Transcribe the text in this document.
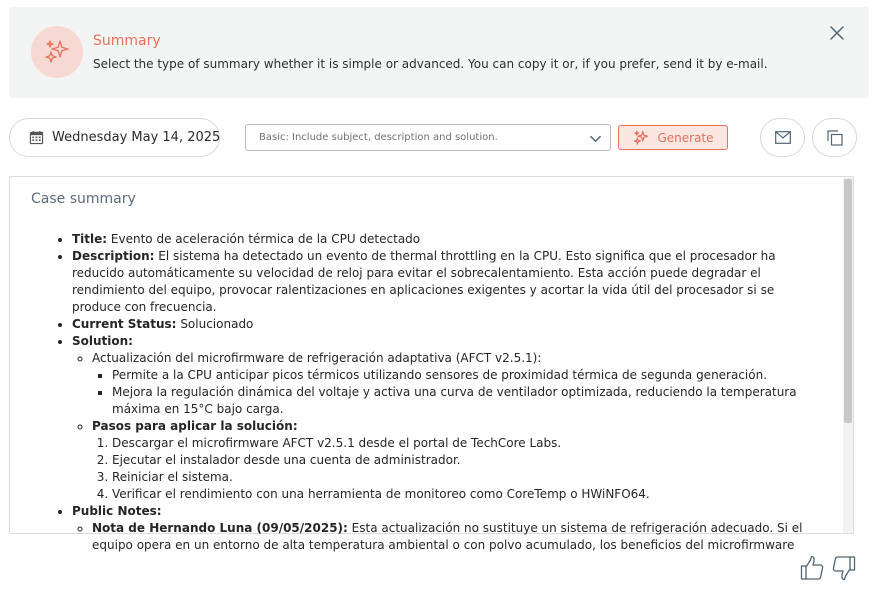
Summary
Select the type of summary whether it is simple or advanced. You can copy it or, if you prefer, send it by e-mail.
Wednesday May 14, 2025	Basic: Include subject, description and solution.	Generate
Case summary
• Title: Evento de aceleración térmica de la CPU detectado
• Description: El sistema ha detectado un evento de thermal throttling en la CPU. Esto significa que el procesador ha reducido automáticamente su velocidad de reloj para evitar el sobrecalentamiento. Esta acción puede degradar el rendimiento del equipo, provocar ralentizaciones en aplicaciones exigentes y acortar la vida útil del procesador si se produce con frecuencia.
• Current Status: Solucionado
• Solution:
◦ Actualización del microfirmware de refrigeración adaptativa (AFCT v2.5.1):
▪ Permite a la CPU anticipar picos térmicos utilizando sensores de proximidad térmica de segunda generación.
▪ Mejora la regulación dinámica del voltaje y activa una curva de ventilador optimizada, reduciendo la temperatura máxima en 15°C bajo carga.
◦ Pasos para aplicar la solución:
1. Descargar el microfirmware AFCT v2.5.1 desde el portal de TechCore Labs.
2. Ejecutar el instalador desde una cuenta de administrador.
3. Reiniciar el sistema.
4. Verificar el rendimiento con una herramienta de monitoreo como CoreTemp o HWiNFO64.
• Public Notes:
◦ Nota de Hernando Luna (09/05/2025): Esta actualización no sustituye un sistema de refrigeración adecuado. Si el equipo opera en un entorno de alta temperatura ambiental o con polvo acumulado, los beneficios del microfirmware
